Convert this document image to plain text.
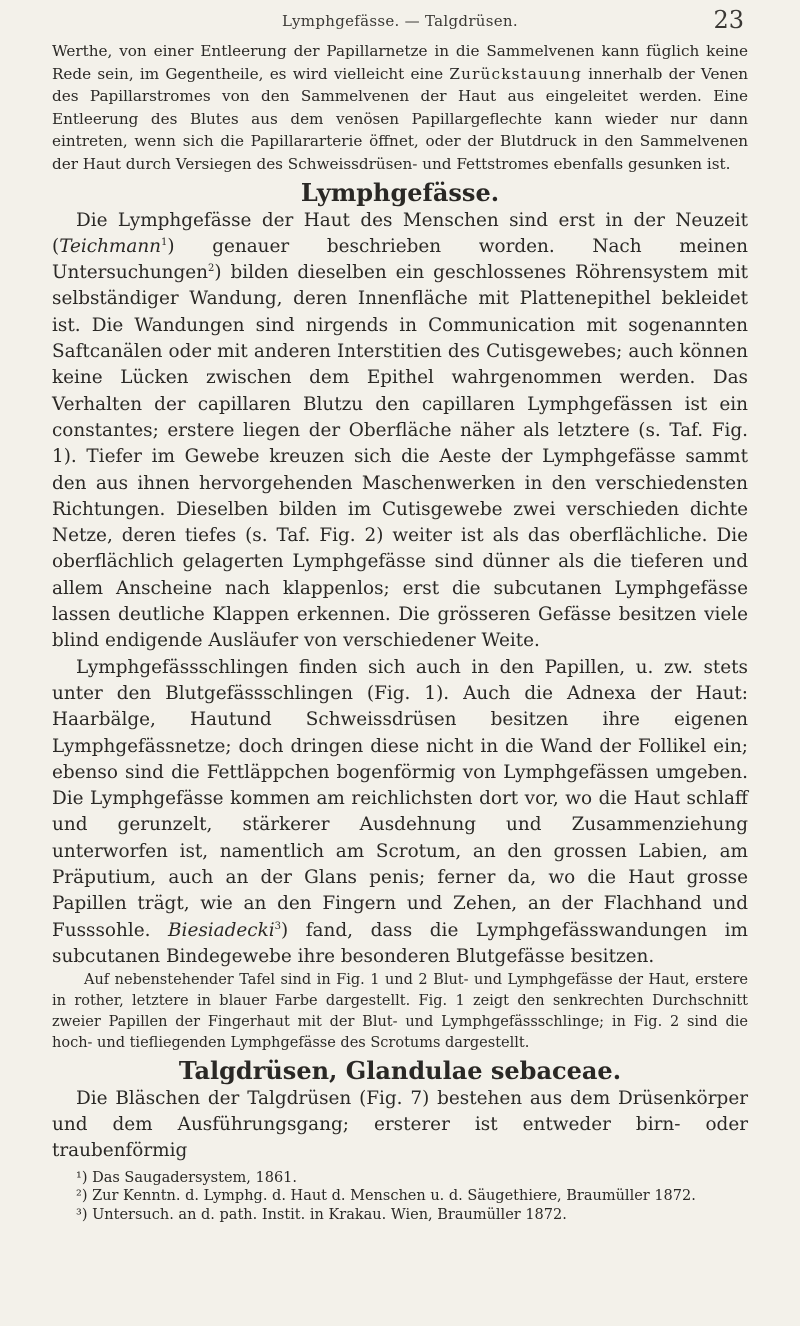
Lymphgefässe. — Talgdrüsen.	23

Werthe, von einer Entleerung der Papillarnetze in die Sammelvenen kann füglich keine Rede sein, im Gegentheile, es wird vielleicht eine Zurückstauung innerhalb der Venen des Papillarstromes von den Sammelvenen der Haut aus eingeleitet werden. Eine Entleerung des Blutes aus dem venösen Papillargeflechte kann wieder nur dann eintreten, wenn sich die Papillararterie öffnet, oder der Blutdruck in den Sammelvenen der Haut durch Versiegen des Schweissdrüsen- und Fettstromes ebenfalls gesunken ist.

Lymphgefässe.

Die Lymphgefässe der Haut des Menschen sind erst in der Neuzeit (Teichmann$^1$) genauer beschrieben worden. Nach meinen Untersuchungen$^2$) bilden dieselben ein geschlossenes Röhrensystem mit selbständiger Wandung, deren Innenfläche mit Plattenepithel bekleidet ist. Die Wandungen sind nirgends in Communication mit sogenannten Saftcanälen oder mit anderen Interstitien des Cutisgewebes; auch können keine Lücken zwischen dem Epithel wahrgenommen werden. Das Verhalten der capillaren Blutzu den capillaren Lymphgefässen ist ein constantes; erstere liegen der Oberfläche näher als letztere (s. Taf. Fig. 1). Tiefer im Gewebe kreuzen sich die Aeste der Lymphgefässe sammt den aus ihnen hervorgehenden Maschenwerken in den verschiedensten Richtungen. Dieselben bilden im Cutisgewebe zwei verschieden dichte Netze, deren tiefes (s. Taf. Fig. 2) weiter ist als das oberflächliche. Die oberflächlich gelagerten Lymphgefässe sind dünner als die tieferen und allem Anscheine nach klappenlos; erst die subcutanen Lymphgefässe lassen deutliche Klappen erkennen. Die grösseren Gefässe besitzen viele blind endigende Ausläufer von verschiedener Weite.

Lymphgefässschlingen finden sich auch in den Papillen, u. zw. stets unter den Blutgefässschlingen (Fig. 1). Auch die Adnexa der Haut: Haarbälge, Hautund Schweissdrüsen besitzen ihre eigenen Lymphgefässnetze; doch dringen diese nicht in die Wand der Follikel ein; ebenso sind die Fettläppchen bogenförmig von Lymphgefässen umgeben. Die Lymphgefässe kommen am reichlichsten dort vor, wo die Haut schlaff und gerunzelt, stärkerer Ausdehnung und Zusammenziehung unterworfen ist, namentlich am Scrotum, an den grossen Labien, am Präputium, auch an der Glans penis; ferner da, wo die Haut grosse Papillen trägt, wie an den Fingern und Zehen, an der Flachhand und Fusssohle. Biesiadecki$^3$) fand, dass die Lymphgefässwandungen im subcutanen Bindegewebe ihre besonderen Blutgefässe besitzen.

Auf nebenstehender Tafel sind in Fig. 1 und 2 Blut- und Lymphgefässe der Haut, erstere in rother, letztere in blauer Farbe dargestellt. Fig. 1 zeigt den senkrechten Durchschnitt zweier Papillen der Fingerhaut mit der Blut- und Lymphgefässschlinge; in Fig. 2 sind die hoch- und tiefliegenden Lymphgefässe des Scrotums dargestellt.

Talgdrüsen, Glandulae sebaceae.

Die Bläschen der Talgdrüsen (Fig. 7) bestehen aus dem Drüsenkörper und dem Ausführungsgang; ersterer ist entweder birn- oder traubenförmig

¹) Das Saugadersystem, 1861.
²) Zur Kenntn. d. Lymphg. d. Haut d. Menschen u. d. Säugethiere, Braumüller 1872.
³) Untersuch. an d. path. Instit. in Krakau. Wien, Braumüller 1872.
